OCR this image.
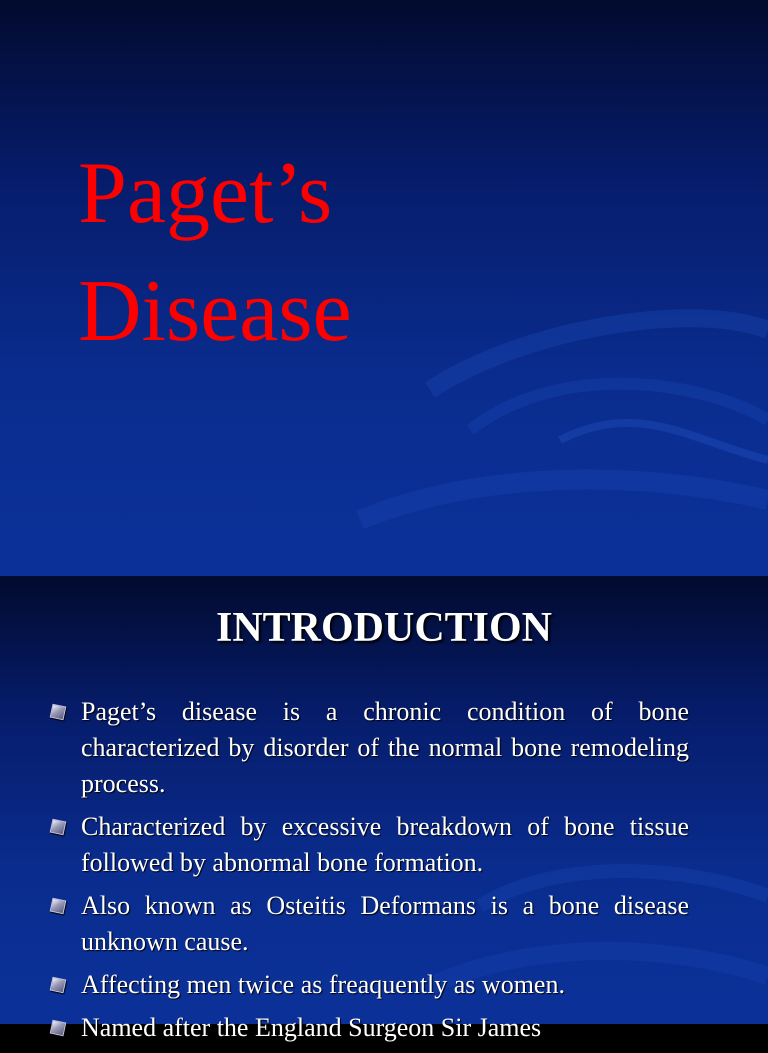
Paget’s
Disease
INTRODUCTION
Paget’s disease is a chronic condition of bone characterized by disorder of the normal bone remodeling process.
Characterized by excessive breakdown of bone tissue followed by abnormal bone formation.
Also known as Osteitis Deformans is a bone disease unknown cause.
Affecting men twice as freaquently as women.
Named after the England Surgeon Sir James
